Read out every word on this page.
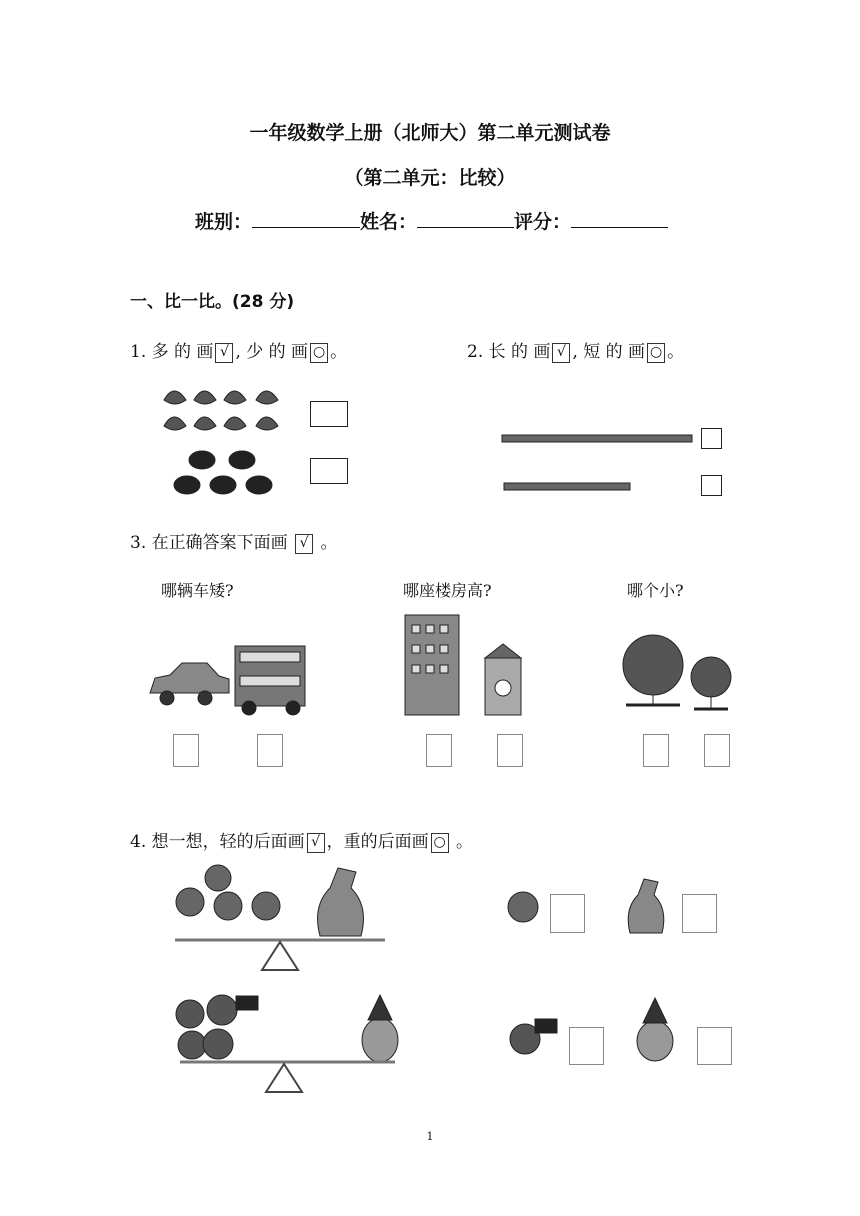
一年级数学上册（北师大）第二单元测试卷
（第二单元：比较）
班别：	姓名：	评分：
一、比一比。(28 分)
1. 多 的 画 √ , 少 的 画 ○ 。	2. 长 的 画 √ , 短 的 画 ○ 。
3. 在正确答案下面画 √ 。
哪辆车矮?	哪座楼房高?	哪个小?
4. 想一想，轻的后面画 √ ，重的后面画 ○ 。
1
